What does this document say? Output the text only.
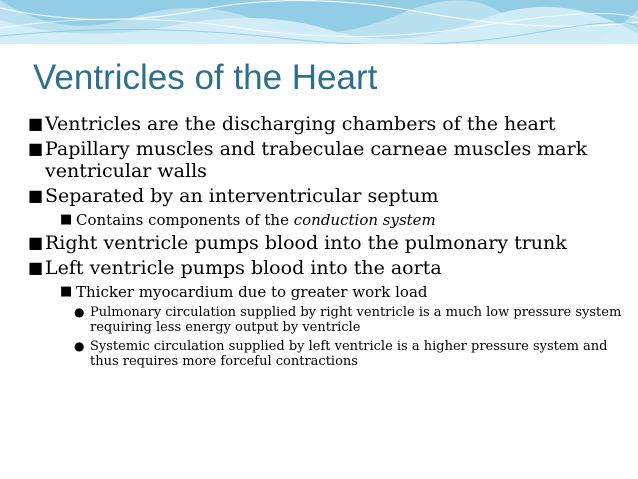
Ventricles of the Heart
■ Ventricles are the discharging chambers of the heart
■ Papillary muscles and trabeculae carneae muscles mark ventricular walls
■ Separated by an interventricular septum
■ Contains components of the conduction system
■ Right ventricle pumps blood into the pulmonary trunk
■ Left ventricle pumps blood into the aorta
■ Thicker myocardium due to greater work load
● Pulmonary circulation supplied by right ventricle is a much low pressure system requiring less energy output by ventricle
● Systemic circulation supplied by left ventricle is a higher pressure system and thus requires more forceful contractions
